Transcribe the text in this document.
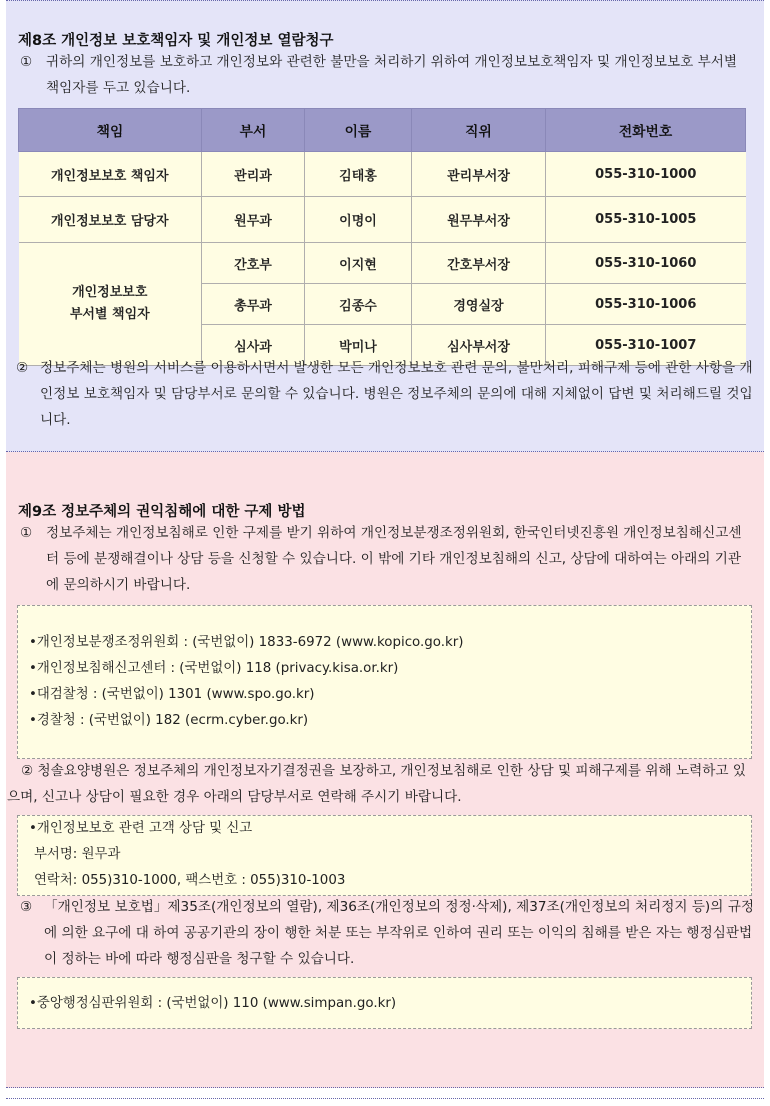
제8조 개인정보 보호책임자 및 개인정보 열람청구
① 귀하의 개인정보를 보호하고 개인정보와 관련한 불만을 처리하기 위하여 개인정보보호책임자 및 개인정보보호 부서별 책임자를 두고 있습니다.
책임	부서	이름	직위	전화번호
개인정보보호 책임자	관리과	김태홍	관리부서장	055-310-1000
개인정보보호 담당자	원무과	이명이	원무부서장	055-310-1005
개인정보보호
부서별 책임자	간호부	이지현	간호부서장	055-310-1060
	총무과	김종수	경영실장	055-310-1006
	심사과	박미나	심사부서장	055-310-1007
② 정보주체는 병원의 서비스를 이용하시면서 발생한 모든 개인정보보호 관련 문의, 불만처리, 피해구제 등에 관한 사항을 개인정보 보호책임자 및 담당부서로 문의할 수 있습니다. 병원은 정보주체의 문의에 대해 지체없이 답변 및 처리해드릴 것입니다.
제9조 정보주체의 권익침해에 대한 구제 방법
① 정보주체는 개인정보침해로 인한 구제를 받기 위하여 개인정보분쟁조정위원회, 한국인터넷진흥원 개인정보침해신고센터 등에 분쟁해결이나 상담 등을 신청할 수 있습니다. 이 밖에 기타 개인정보침해의 신고, 상담에 대하여는 아래의 기관에 문의하시기 바랍니다.
•개인정보분쟁조정위원회 : (국번없이) 1833-6972 (www.kopico.go.kr)
•개인정보침해신고센터 : (국번없이) 118 (privacy.kisa.or.kr)
•대검찰청 : (국번없이) 1301 (www.spo.go.kr)
•경찰청 : (국번없이) 182 (ecrm.cyber.go.kr)
② 청솔요양병원은 정보주체의 개인정보자기결정권을 보장하고, 개인정보침해로 인한 상담 및 피해구제를 위해 노력하고 있으며, 신고나 상담이 필요한 경우 아래의 담당부서로 연락해 주시기 바랍니다.
•개인정보보호 관련 고객 상담 및 신고
부서명: 원무과
연락처: 055)310-1000, 팩스번호 : 055)310-1003
③ 「개인정보 보호법」제35조(개인정보의 열람), 제36조(개인정보의 정정·삭제), 제37조(개인정보의 처리정지 등)의 규정에 의한 요구에 대 하여 공공기관의 장이 행한 처분 또는 부작위로 인하여 권리 또는 이익의 침해를 받은 자는 행정심판법이 정하는 바에 따라 행정심판을 청구할 수 있습니다.
•중앙행정심판위원회 : (국번없이) 110 (www.simpan.go.kr)
